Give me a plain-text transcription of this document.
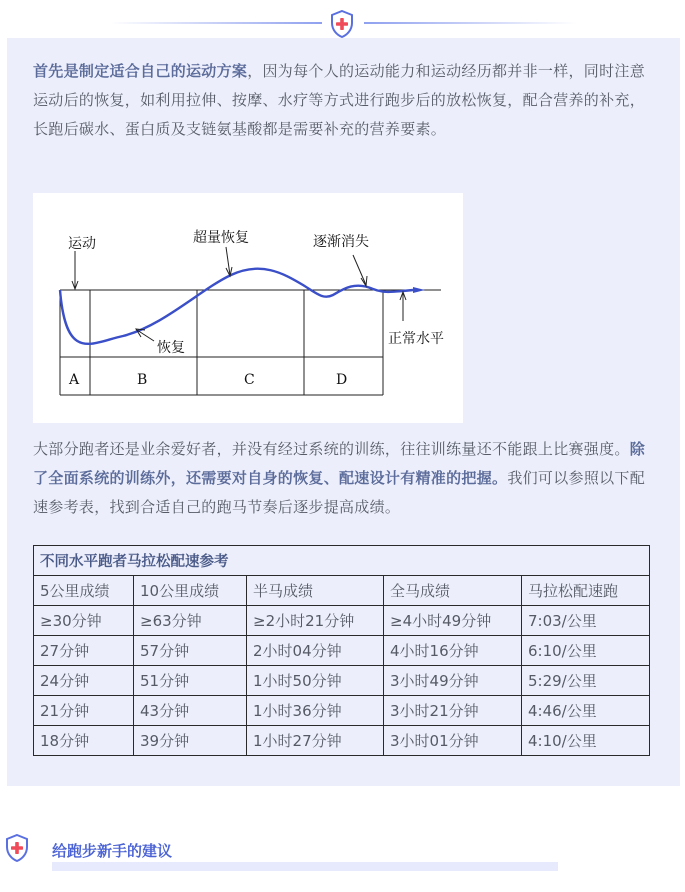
首先是制定适合自己的运动方案，因为每个人的运动能力和运动经历都并非一样，同时注意运动后的恢复，如利用拉伸、按摩、水疗等方式进行跑步后的放松恢复，配合营养的补充，长跑后碳水、蛋白质及支链氨基酸都是需要补充的营养要素。

运动	超量恢复	逐渐消失
恢复
正常水平
A	B	C	D

大部分跑者还是业余爱好者，并没有经过系统的训练，往往训练量还不能跟上比赛强度。除了全面系统的训练外，还需要对自身的恢复、配速设计有精准的把握。我们可以参照以下配速参考表，找到合适自己的跑马节奏后逐步提高成绩。

不同水平跑者马拉松配速参考				
5公里成绩	10公里成绩	半马成绩	全马成绩	马拉松配速跑
≥30分钟	≥63分钟	≥2小时21分钟	≥4小时49分钟	7:03/公里
27分钟	57分钟	2小时04分钟	4小时16分钟	6:10/公里
24分钟	51分钟	1小时50分钟	3小时49分钟	5:29/公里
21分钟	43分钟	1小时36分钟	3小时21分钟	4:46/公里
18分钟	39分钟	1小时27分钟	3小时01分钟	4:10/公里
给跑步新手的建议
